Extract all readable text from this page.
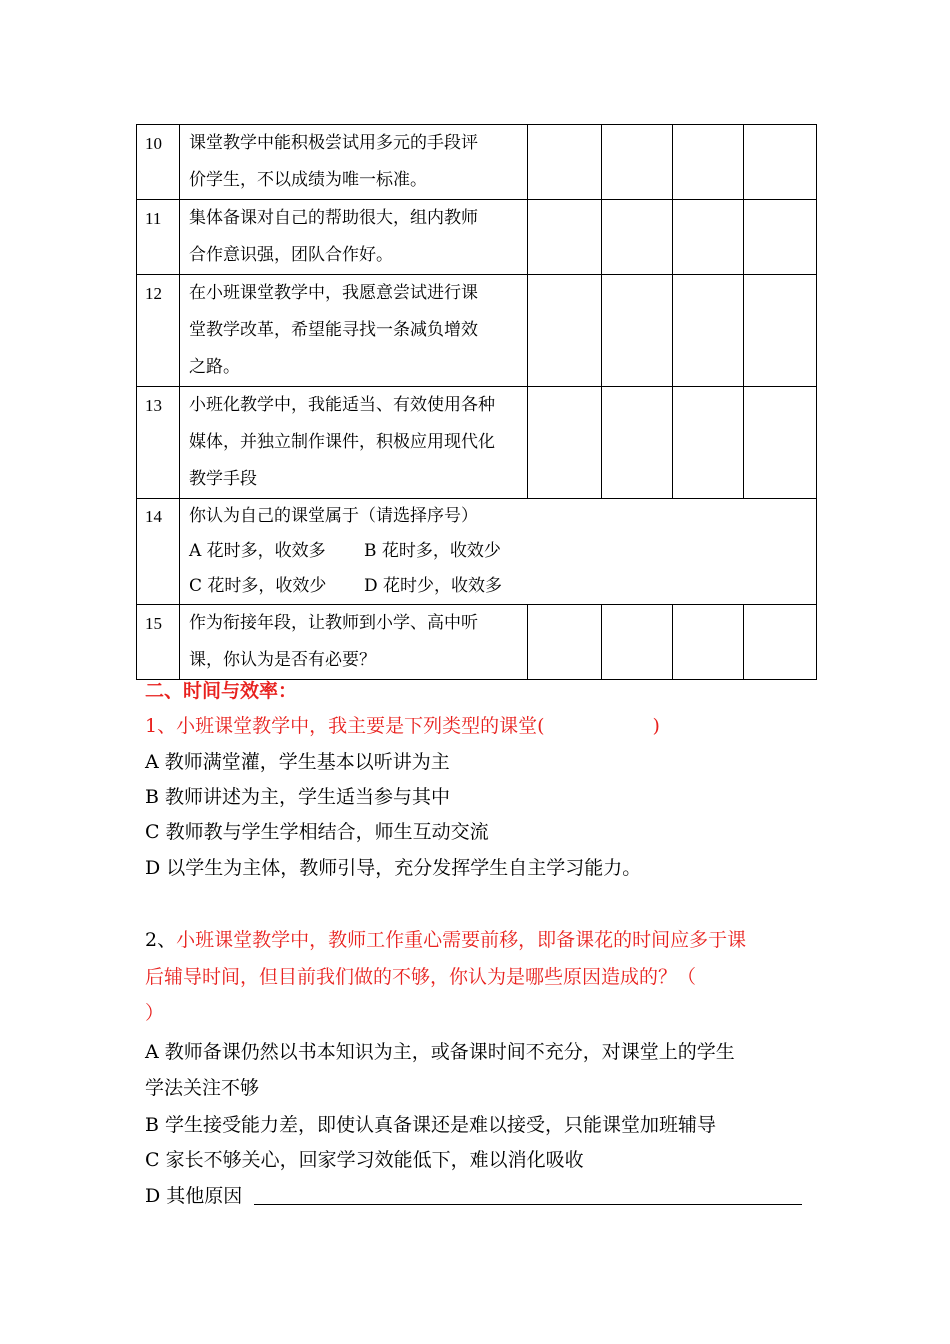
10	课堂教学中能积极尝试用多元的手段评
价学生，不以成绩为唯一标准。				

11	集体备课对自己的帮助很大，组内教师
合作意识强，团队合作好。				

12	在小班课堂教学中，我愿意尝试进行课
堂教学改革，希望能寻找一条减负增效
之路。				

13	小班化教学中，我能适当、有效使用各种
媒体，并独立制作课件，积极应用现代化
教学手段				

14	你认为自己的课堂属于（请选择序号）
A 花时多，收效多 B 花时多，收效少
C 花时多，收效少 D 花时少，收效多				

15	作为衔接年段，让教师到小学、高中听
课，你认为是否有必要？				

二、时间与效率：
1、小班课堂教学中，我主要是下列类型的课堂(	)
A 教师满堂灌，学生基本以听讲为主
B 教师讲述为主，学生适当参与其中
C 教师教与学生学相结合，师生互动交流
D 以学生为主体，教师引导，充分发挥学生自主学习能力。
2、小班课堂教学中，教师工作重心需要前移，即备课花的时间应多于课
后辅导时间，但目前我们做的不够，你认为是哪些原因造成的？（
）
A 教师备课仍然以书本知识为主，或备课时间不充分，对课堂上的学生
学法关注不够
B 学生接受能力差，即使认真备课还是难以接受，只能课堂加班辅导
C 家长不够关心，回家学习效能低下，难以消化吸收
D 其他原因
